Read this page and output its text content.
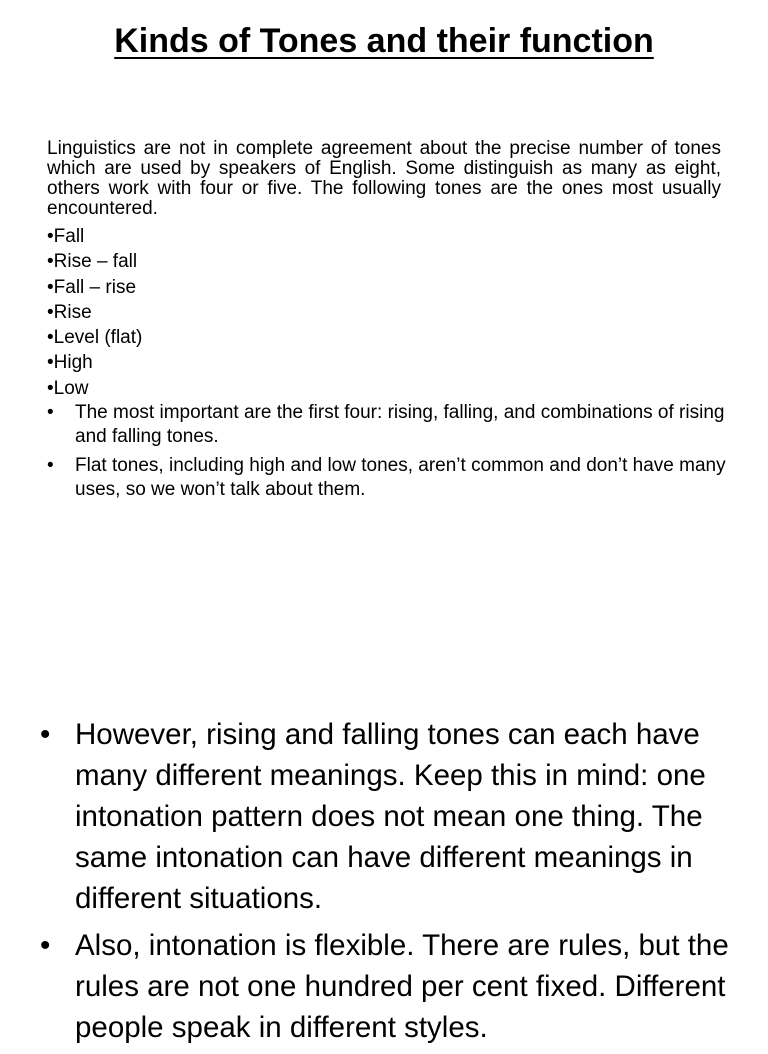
Kinds of Tones and their function

Linguistics are not in complete agreement about the precise number of tones which are used by speakers of English. Some distinguish as many as eight, others work with four or five. The following tones are the ones most usually encountered.

•Fall
•Rise – fall
•Fall – rise
•Rise
•Level (flat)
•High
•Low
• The most important are the first four: rising, falling, and combinations of rising and falling tones.
• Flat tones, including high and low tones, aren’t common and don’t have many uses, so we won’t talk about them.
• However, rising and falling tones can each have many different meanings. Keep this in mind: one intonation pattern does not mean one thing. The same intonation can have different meanings in different situations.
• Also, intonation is flexible. There are rules, but the rules are not one hundred per cent fixed. Different people speak in different styles.
